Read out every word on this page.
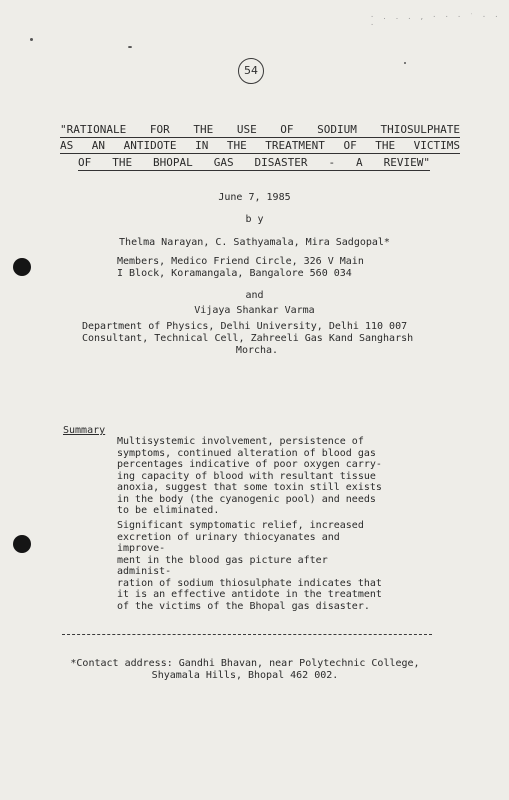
· . . . , · · · ˙ · · ·
54
"RATIONALE FOR THE USE OF SODIUM THIOSULPHATE
AS AN ANTIDOTE IN THE TREATMENT OF THE VICTIMS
OF THE BHOPAL GAS DISASTER - A REVIEW"
June 7, 1985
b y
Thelma Narayan, C. Sathyamala, Mira Sadgopal*
Members, Medico Friend Circle, 326 V Main
I Block, Koramangala, Bangalore 560 034
and
Vijaya Shankar Varma
Department of Physics, Delhi University, Delhi 110 007
Consultant, Technical Cell, Zahreeli Gas Kand Sangharsh
Morcha.
Summary
Multisystemic involvement, persistence of
symptoms, continued alteration of blood gas
percentages indicative of poor oxygen carry-
ing capacity of blood with resultant tissue
anoxia, suggest that some toxin still exists
in the body (the cyanogenic pool) and needs
to be eliminated.
Significant symptomatic relief, increased
excretion of urinary thiocyanates and improve-
ment in the blood gas picture after administ-
ration of sodium thiosulphate indicates that
it is an effective antidote in the treatment
of the victims of the Bhopal gas disaster.
*Contact address: Gandhi Bhavan, near Polytechnic College,
Shyamala Hills, Bhopal 462 002.
